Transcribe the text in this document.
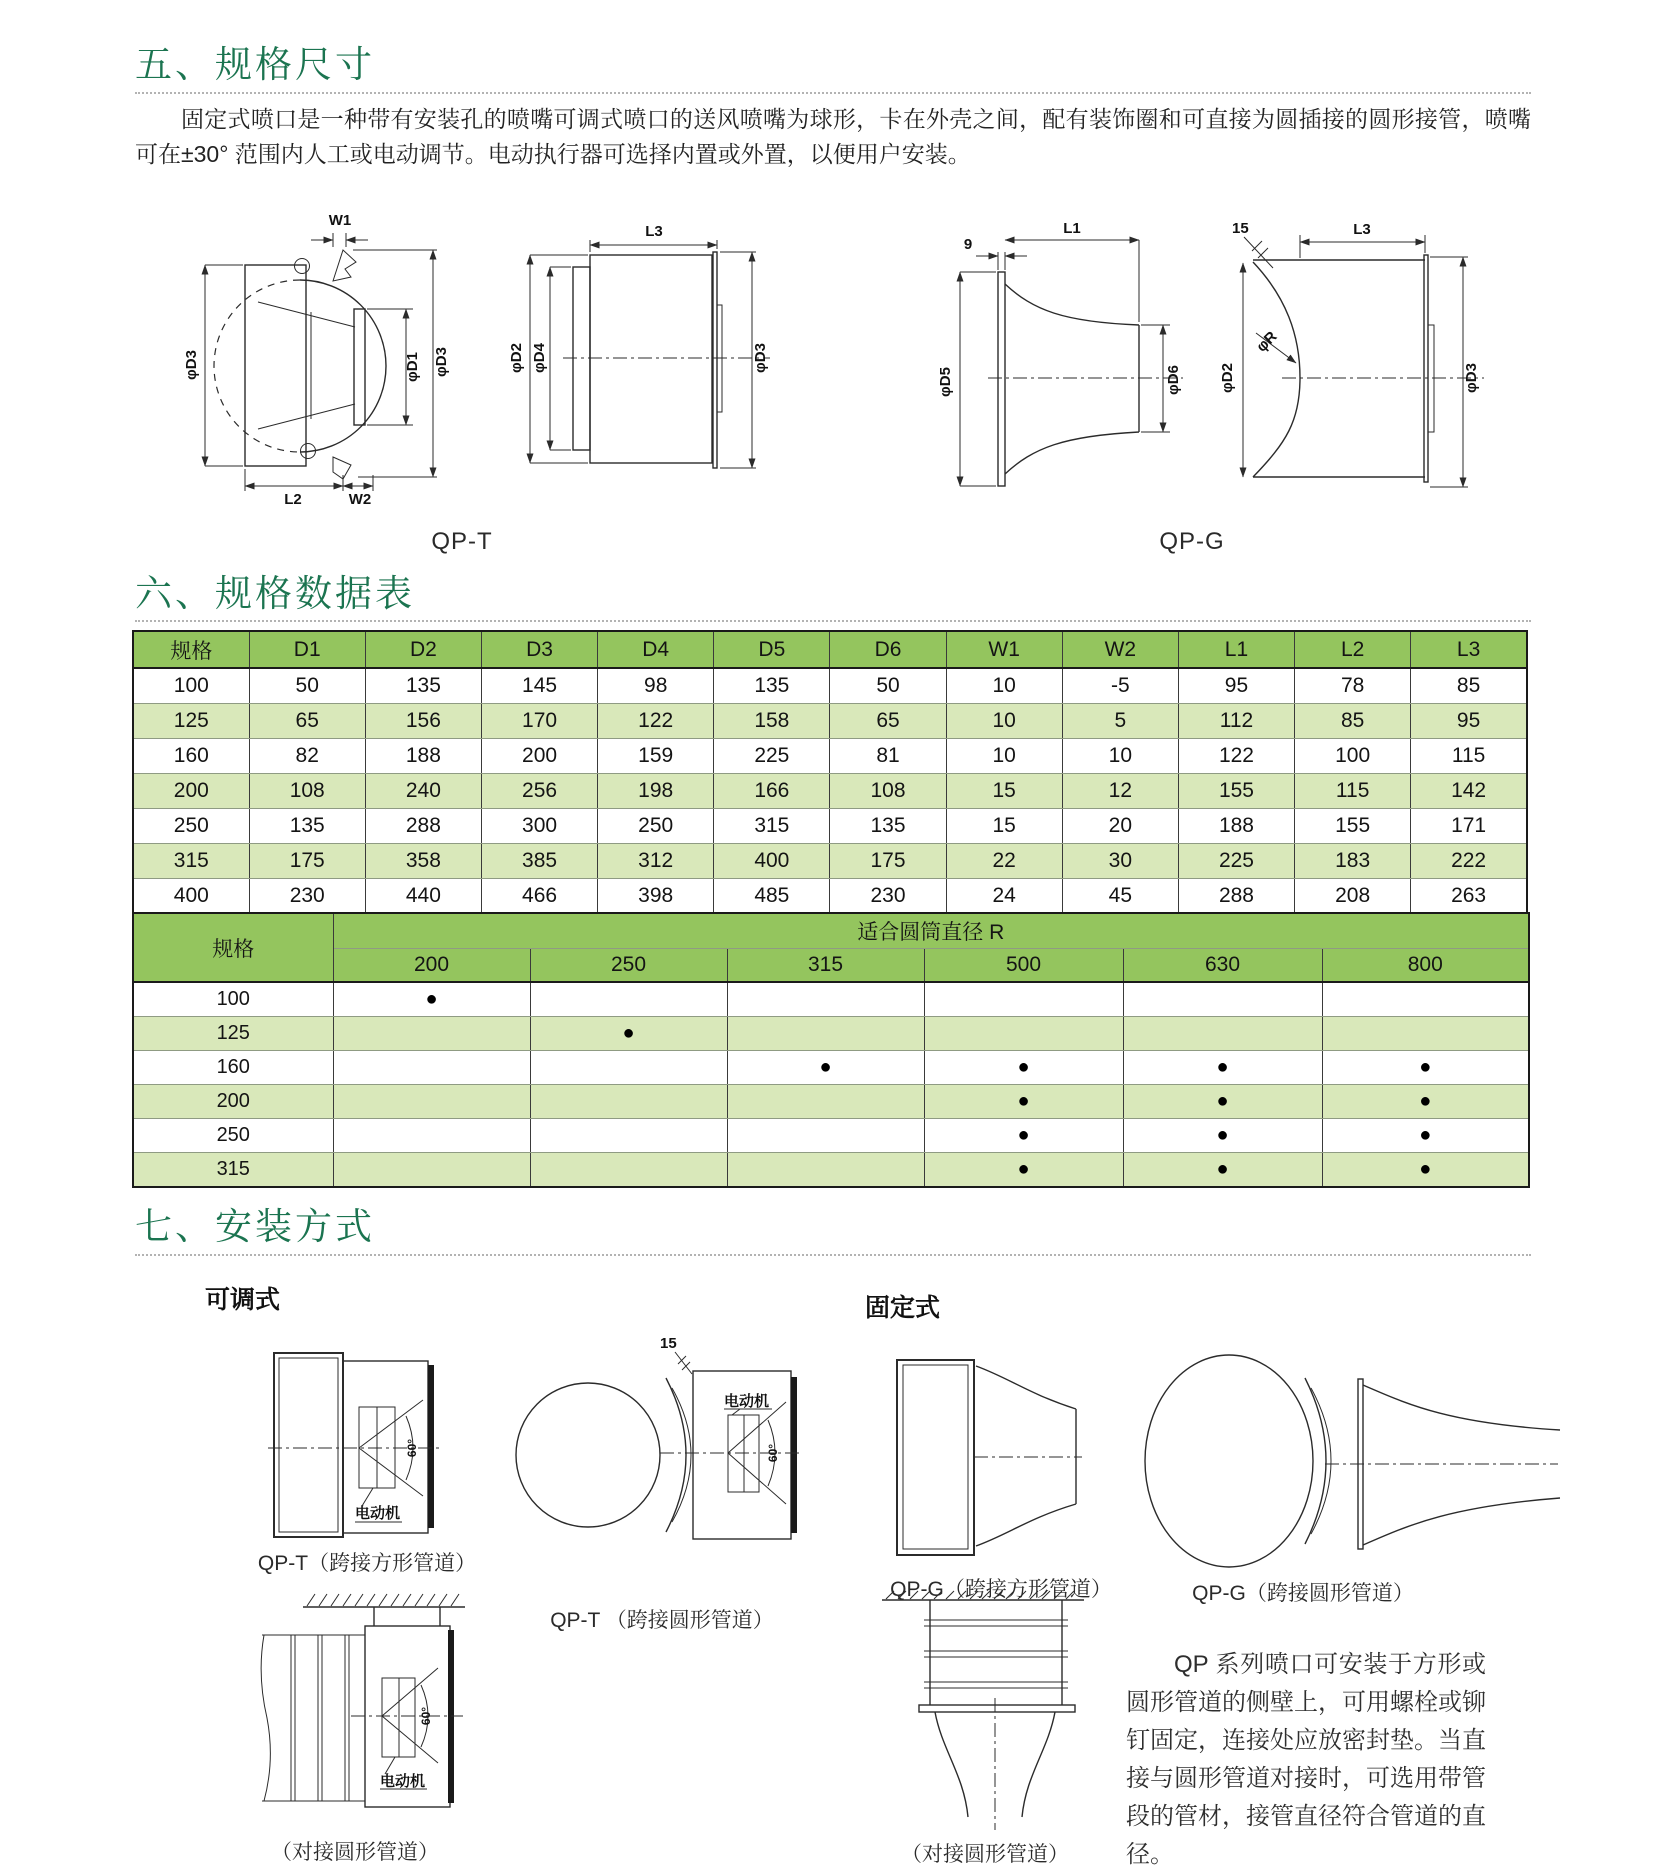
五、规格尺寸
固定式喷口是一种带有安装孔的喷嘴可调式喷口的送风喷嘴为球形，卡在外壳之间，配有装饰圈和可直接为圆插接的圆形接管，喷嘴可在±30° 范围内人工或电动调节。电动执行器可选择内置或外置，以便用户安装。
W1
φD3	φD1 φD3
L2	W2
L3
φD2 φD4	φD3
9
L1
φD5	φD6
15	L3
φD2
φR
φD3
QP-T	QP-G
六、规格数据表
规格	D1	D2	D3	D4	D5	D6	W1	W2	L1	L2	L3
100	50	135	145	98	135	50	10	-5	95	78	85
125	65	156	170	122	158	65	10	5	112	85	95
160	82	188	200	159	225	81	10	10	122	100	115
200	108	240	256	198	166	108	15	12	155	115	142
250	135	288	300	250	315	135	15	20	188	155	171
315	175	358	385	312	400	175	22	30	225	183	222
400	230	440	466	398	485	230	24	45	288	208	263
规格	适合圆筒直径 R					
	200	250	315	500	630	800
100	●					
125		●				
160			●	●	●	●
200				●	●	●
250				●	●	●
315				●	●	●
七、安装方式
可调式	固定式
60°
电动机
15
电动机
60°
QP-T（跨接方形管道）
QP-T （跨接圆形管道）
QP-G（跨接方形管道）	QP-G（跨接圆形管道）
60°
电动机
（对接圆形管道）	（对接圆形管道）
QP 系列喷口可安装于方形或圆形管道的侧壁上，可用螺栓或铆钉固定，连接处应放密封垫。当直接与圆形管道对接时，可选用带管段的管材，接管直径符合管道的直径。
